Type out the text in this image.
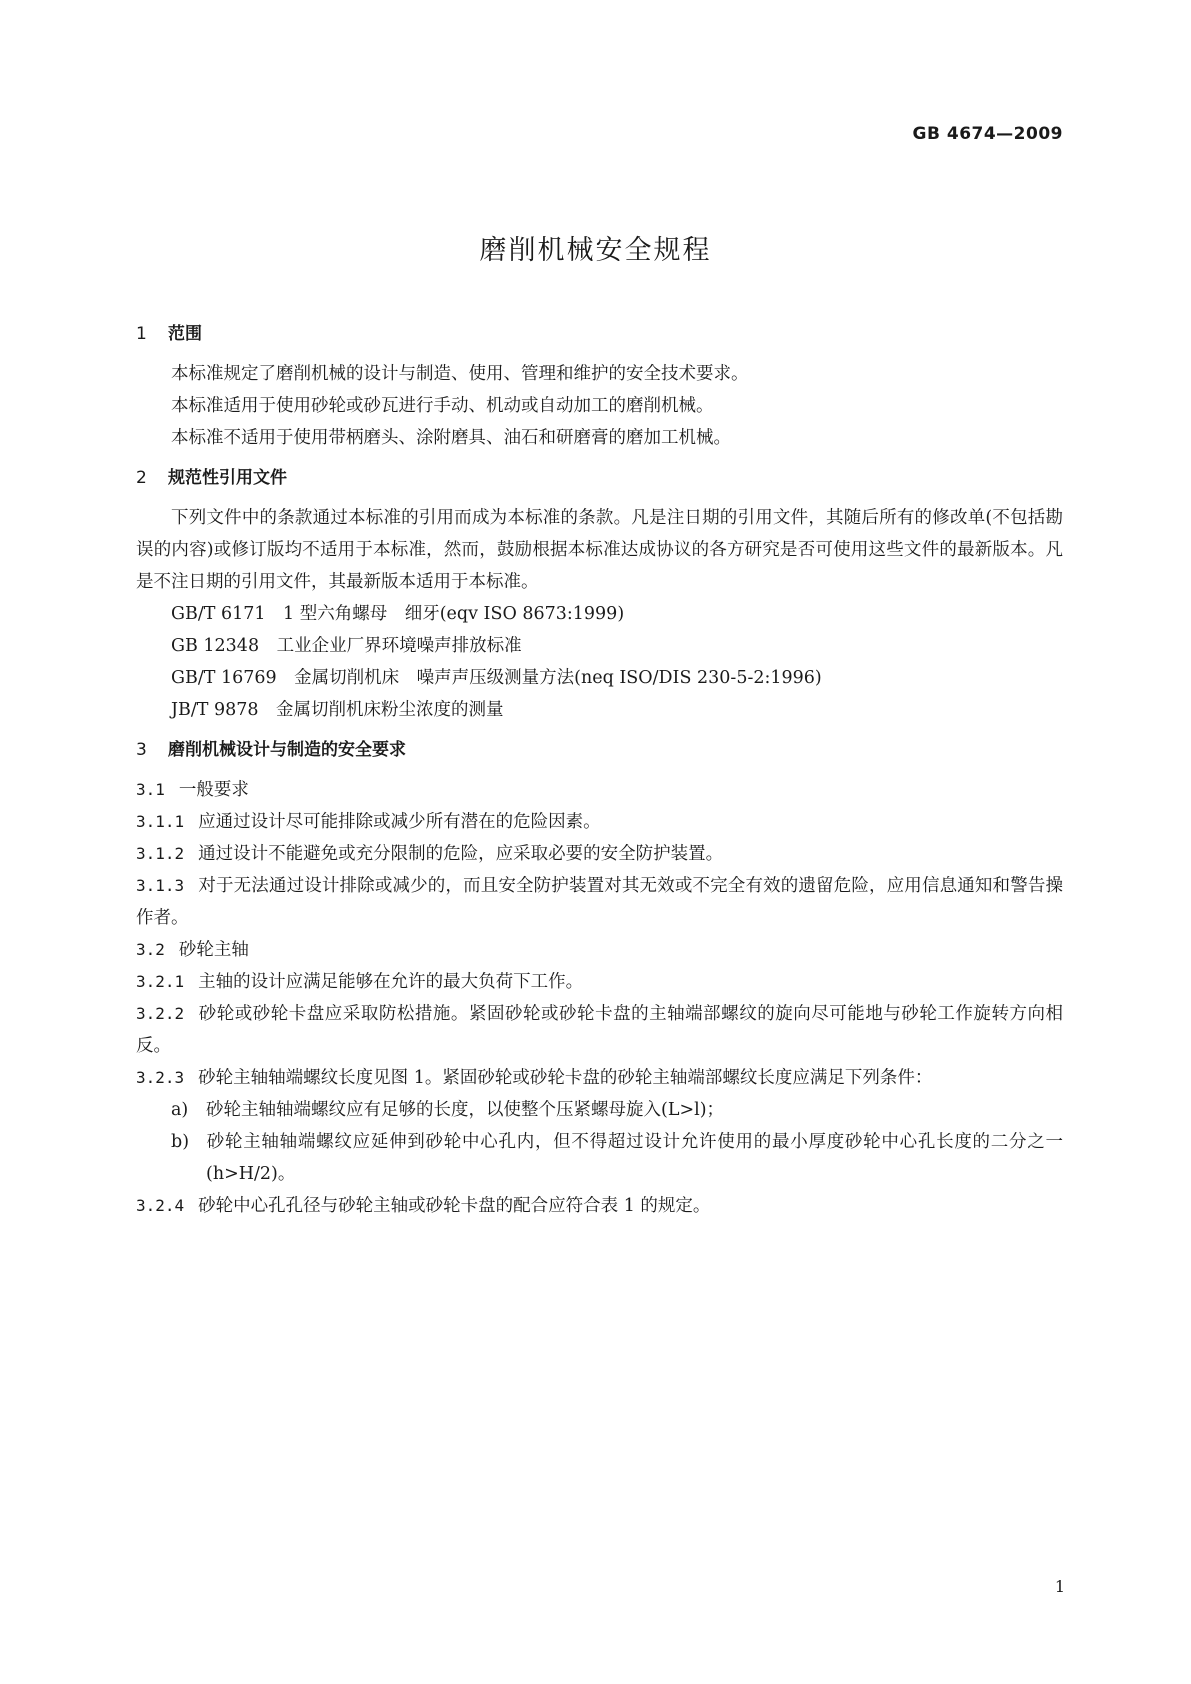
GB 4674—2009
磨削机械安全规程
1 范围

本标准规定了磨削机械的设计与制造、使用、管理和维护的安全技术要求。

本标准适用于使用砂轮或砂瓦进行手动、机动或自动加工的磨削机械。

本标准不适用于使用带柄磨头、涂附磨具、油石和研磨膏的磨加工机械。

2 规范性引用文件

下列文件中的条款通过本标准的引用而成为本标准的条款。凡是注日期的引用文件，其随后所有的修改单(不包括勘误的内容)或修订版均不适用于本标准，然而，鼓励根据本标准达成协议的各方研究是否可使用这些文件的最新版本。凡是不注日期的引用文件，其最新版本适用于本标准。

GB/T 6171　1 型六角螺母　细牙(eqv ISO 8673:1999)

GB 12348　工业企业厂界环境噪声排放标准

GB/T 16769　金属切削机床　噪声声压级测量方法(neq ISO/DIS 230-5-2:1996)

JB/T 9878　金属切削机床粉尘浓度的测量

3 磨削机械设计与制造的安全要求

3.1 一般要求

3.1.1 应通过设计尽可能排除或减少所有潜在的危险因素。

3.1.2 通过设计不能避免或充分限制的危险，应采取必要的安全防护装置。

3.1.3 对于无法通过设计排除或减少的，而且安全防护装置对其无效或不完全有效的遗留危险，应用信息通知和警告操作者。

3.2 砂轮主轴

3.2.1 主轴的设计应满足能够在允许的最大负荷下工作。

3.2.2 砂轮或砂轮卡盘应采取防松措施。紧固砂轮或砂轮卡盘的主轴端部螺纹的旋向尽可能地与砂轮工作旋转方向相反。

3.2.3 砂轮主轴轴端螺纹长度见图 1。紧固砂轮或砂轮卡盘的砂轮主轴端部螺纹长度应满足下列条件：

a) 砂轮主轴轴端螺纹应有足够的长度，以使整个压紧螺母旋入(L>l)；

b) 砂轮主轴轴端螺纹应延伸到砂轮中心孔内，但不得超过设计允许使用的最小厚度砂轮中心孔长度的二分之一(h>H/2)。

3.2.4 砂轮中心孔孔径与砂轮主轴或砂轮卡盘的配合应符合表 1 的规定。

1
